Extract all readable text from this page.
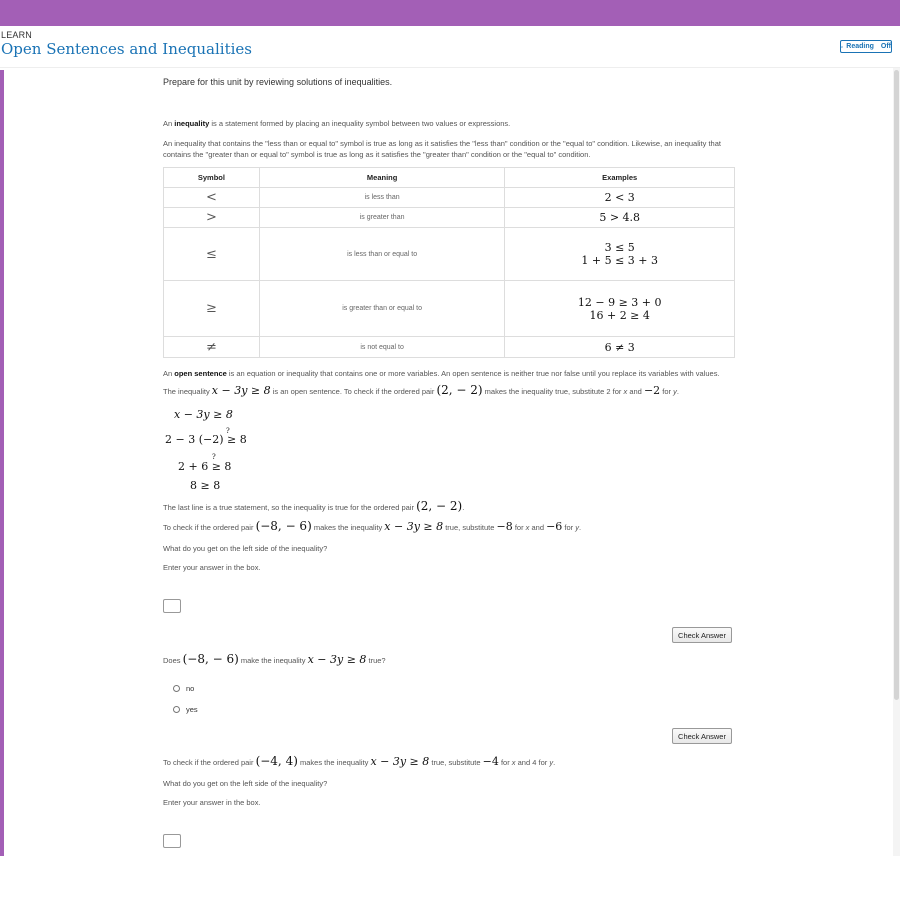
LEARN
Open Sentences and Inequalities	Reading Off
Prepare for this unit by reviewing solutions of inequalities.
An inequality is a statement formed by placing an inequality symbol between two values or expressions.
An inequality that contains the "less than or equal to" symbol is true as long as it satisfies the "less than" condition or the "equal to" condition. Likewise, an inequality that
contains the "greater than or equal to" symbol is true as long as it satisfies the "greater than" condition or the "equal to" condition.
Symbol	Meaning	Examples
<	is less than	2 < 3

>	is greater than	5 > 4.8

≤	is less than or equal to	3 ≤ 5
1 + 5 ≤ 3 + 3

≥	is greater than or equal to	12 − 9 ≥ 3 + 0
16 + 2 ≥ 4

≠	is not equal to	6 ≠ 3
An open sentence is an equation or inequality that contains one or more variables. An open sentence is neither true nor false until you replace its variables with values.
The inequality x − 3y ≥ 8 is an open sentence. To check if the ordered pair (2, − 2) makes the inequality true, substitute 2 for x and −2 for y.
x − 3y ≥ 8
?
2 − 3 (−2) ≥ 8
?
2 + 6 ≥ 8
8 ≥ 8
The last line is a true statement, so the inequality is true for the ordered pair (2, − 2).
To check if the ordered pair (−8, − 6) makes the inequality x − 3y ≥ 8 true, substitute −8 for x and −6 for y.
What do you get on the left side of the inequality?
Enter your answer in the box.
Check Answer
Does (−8, − 6) make the inequality x − 3y ≥ 8 true?
no
yes
Check Answer
To check if the ordered pair (−4, 4) makes the inequality x − 3y ≥ 8 true, substitute −4 for x and 4 for y.
What do you get on the left side of the inequality?
Enter your answer in the box.
